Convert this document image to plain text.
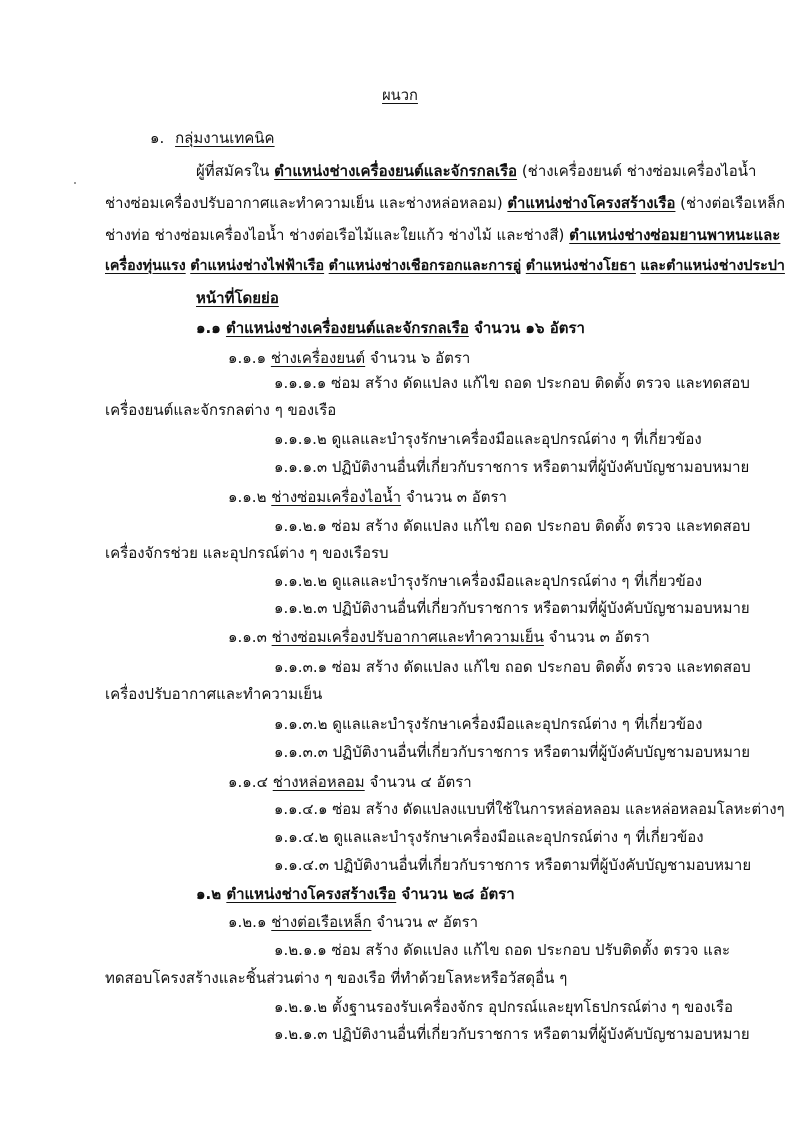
ผนวก
๑. กลุ่มงานเทคนิค
ผู้ที่สมัครใน ตำแหน่งช่างเครื่องยนต์และจักรกลเรือ (ช่างเครื่องยนต์ ช่างซ่อมเครื่องไอน้ำ
ช่างซ่อมเครื่องปรับอากาศและทำความเย็น และช่างหล่อหลอม) ตำแหน่งช่างโครงสร้างเรือ (ช่างต่อเรือเหล็ก
ช่างท่อ ช่างซ่อมเครื่องไอน้ำ ช่างต่อเรือไม้และใยแก้ว ช่างไม้ และช่างสี) ตำแหน่งช่างซ่อมยานพาหนะและ
เครื่องทุ่นแรง ตำแหน่งช่างไฟฟ้าเรือ ตำแหน่งช่างเชือกรอกและการอู่ ตำแหน่งช่างโยธา และตำแหน่งช่างประปา
หน้าที่โดยย่อ
๑.๑ ตำแหน่งช่างเครื่องยนต์และจักรกลเรือ จำนวน ๑๖ อัตรา
๑.๑.๑ ช่างเครื่องยนต์ จำนวน ๖ อัตรา
๑.๑.๑.๑ ซ่อม สร้าง ดัดแปลง แก้ไข ถอด ประกอบ ติดตั้ง ตรวจ และทดสอบ
เครื่องยนต์และจักรกลต่าง ๆ ของเรือ
๑.๑.๑.๒ ดูแลและบำรุงรักษาเครื่องมือและอุปกรณ์ต่าง ๆ ที่เกี่ยวข้อง
๑.๑.๑.๓ ปฏิบัติงานอื่นที่เกี่ยวกับราชการ หรือตามที่ผู้บังคับบัญชามอบหมาย
๑.๑.๒ ช่างซ่อมเครื่องไอน้ำ จำนวน ๓ อัตรา
๑.๑.๒.๑ ซ่อม สร้าง ดัดแปลง แก้ไข ถอด ประกอบ ติดตั้ง ตรวจ และทดสอบ
เครื่องจักรช่วย และอุปกรณ์ต่าง ๆ ของเรือรบ
๑.๑.๒.๒ ดูแลและบำรุงรักษาเครื่องมือและอุปกรณ์ต่าง ๆ ที่เกี่ยวข้อง
๑.๑.๒.๓ ปฏิบัติงานอื่นที่เกี่ยวกับราชการ หรือตามที่ผู้บังคับบัญชามอบหมาย
๑.๑.๓ ช่างซ่อมเครื่องปรับอากาศและทำความเย็น จำนวน ๓ อัตรา
๑.๑.๓.๑ ซ่อม สร้าง ดัดแปลง แก้ไข ถอด ประกอบ ติดตั้ง ตรวจ และทดสอบ
เครื่องปรับอากาศและทำความเย็น
๑.๑.๓.๒ ดูแลและบำรุงรักษาเครื่องมือและอุปกรณ์ต่าง ๆ ที่เกี่ยวข้อง
๑.๑.๓.๓ ปฏิบัติงานอื่นที่เกี่ยวกับราชการ หรือตามที่ผู้บังคับบัญชามอบหมาย
๑.๑.๔ ช่างหล่อหลอม จำนวน ๔ อัตรา
๑.๑.๔.๑ ซ่อม สร้าง ดัดแปลงแบบที่ใช้ในการหล่อหลอม และหล่อหลอมโลหะต่างๆ
๑.๑.๔.๒ ดูแลและบำรุงรักษาเครื่องมือและอุปกรณ์ต่าง ๆ ที่เกี่ยวข้อง
๑.๑.๔.๓ ปฏิบัติงานอื่นที่เกี่ยวกับราชการ หรือตามที่ผู้บังคับบัญชามอบหมาย
๑.๒ ตำแหน่งช่างโครงสร้างเรือ จำนวน ๒๘ อัตรา
๑.๒.๑ ช่างต่อเรือเหล็ก จำนวน ๙ อัตรา
๑.๒.๑.๑ ซ่อม สร้าง ดัดแปลง แก้ไข ถอด ประกอบ ปรับติดตั้ง ตรวจ และ
ทดสอบโครงสร้างและชิ้นส่วนต่าง ๆ ของเรือ ที่ทำด้วยโลหะหรือวัสดุอื่น ๆ
๑.๒.๑.๒ ตั้งฐานรองรับเครื่องจักร อุปกรณ์และยุทโธปกรณ์ต่าง ๆ ของเรือ
๑.๒.๑.๓ ปฏิบัติงานอื่นที่เกี่ยวกับราชการ หรือตามที่ผู้บังคับบัญชามอบหมาย
